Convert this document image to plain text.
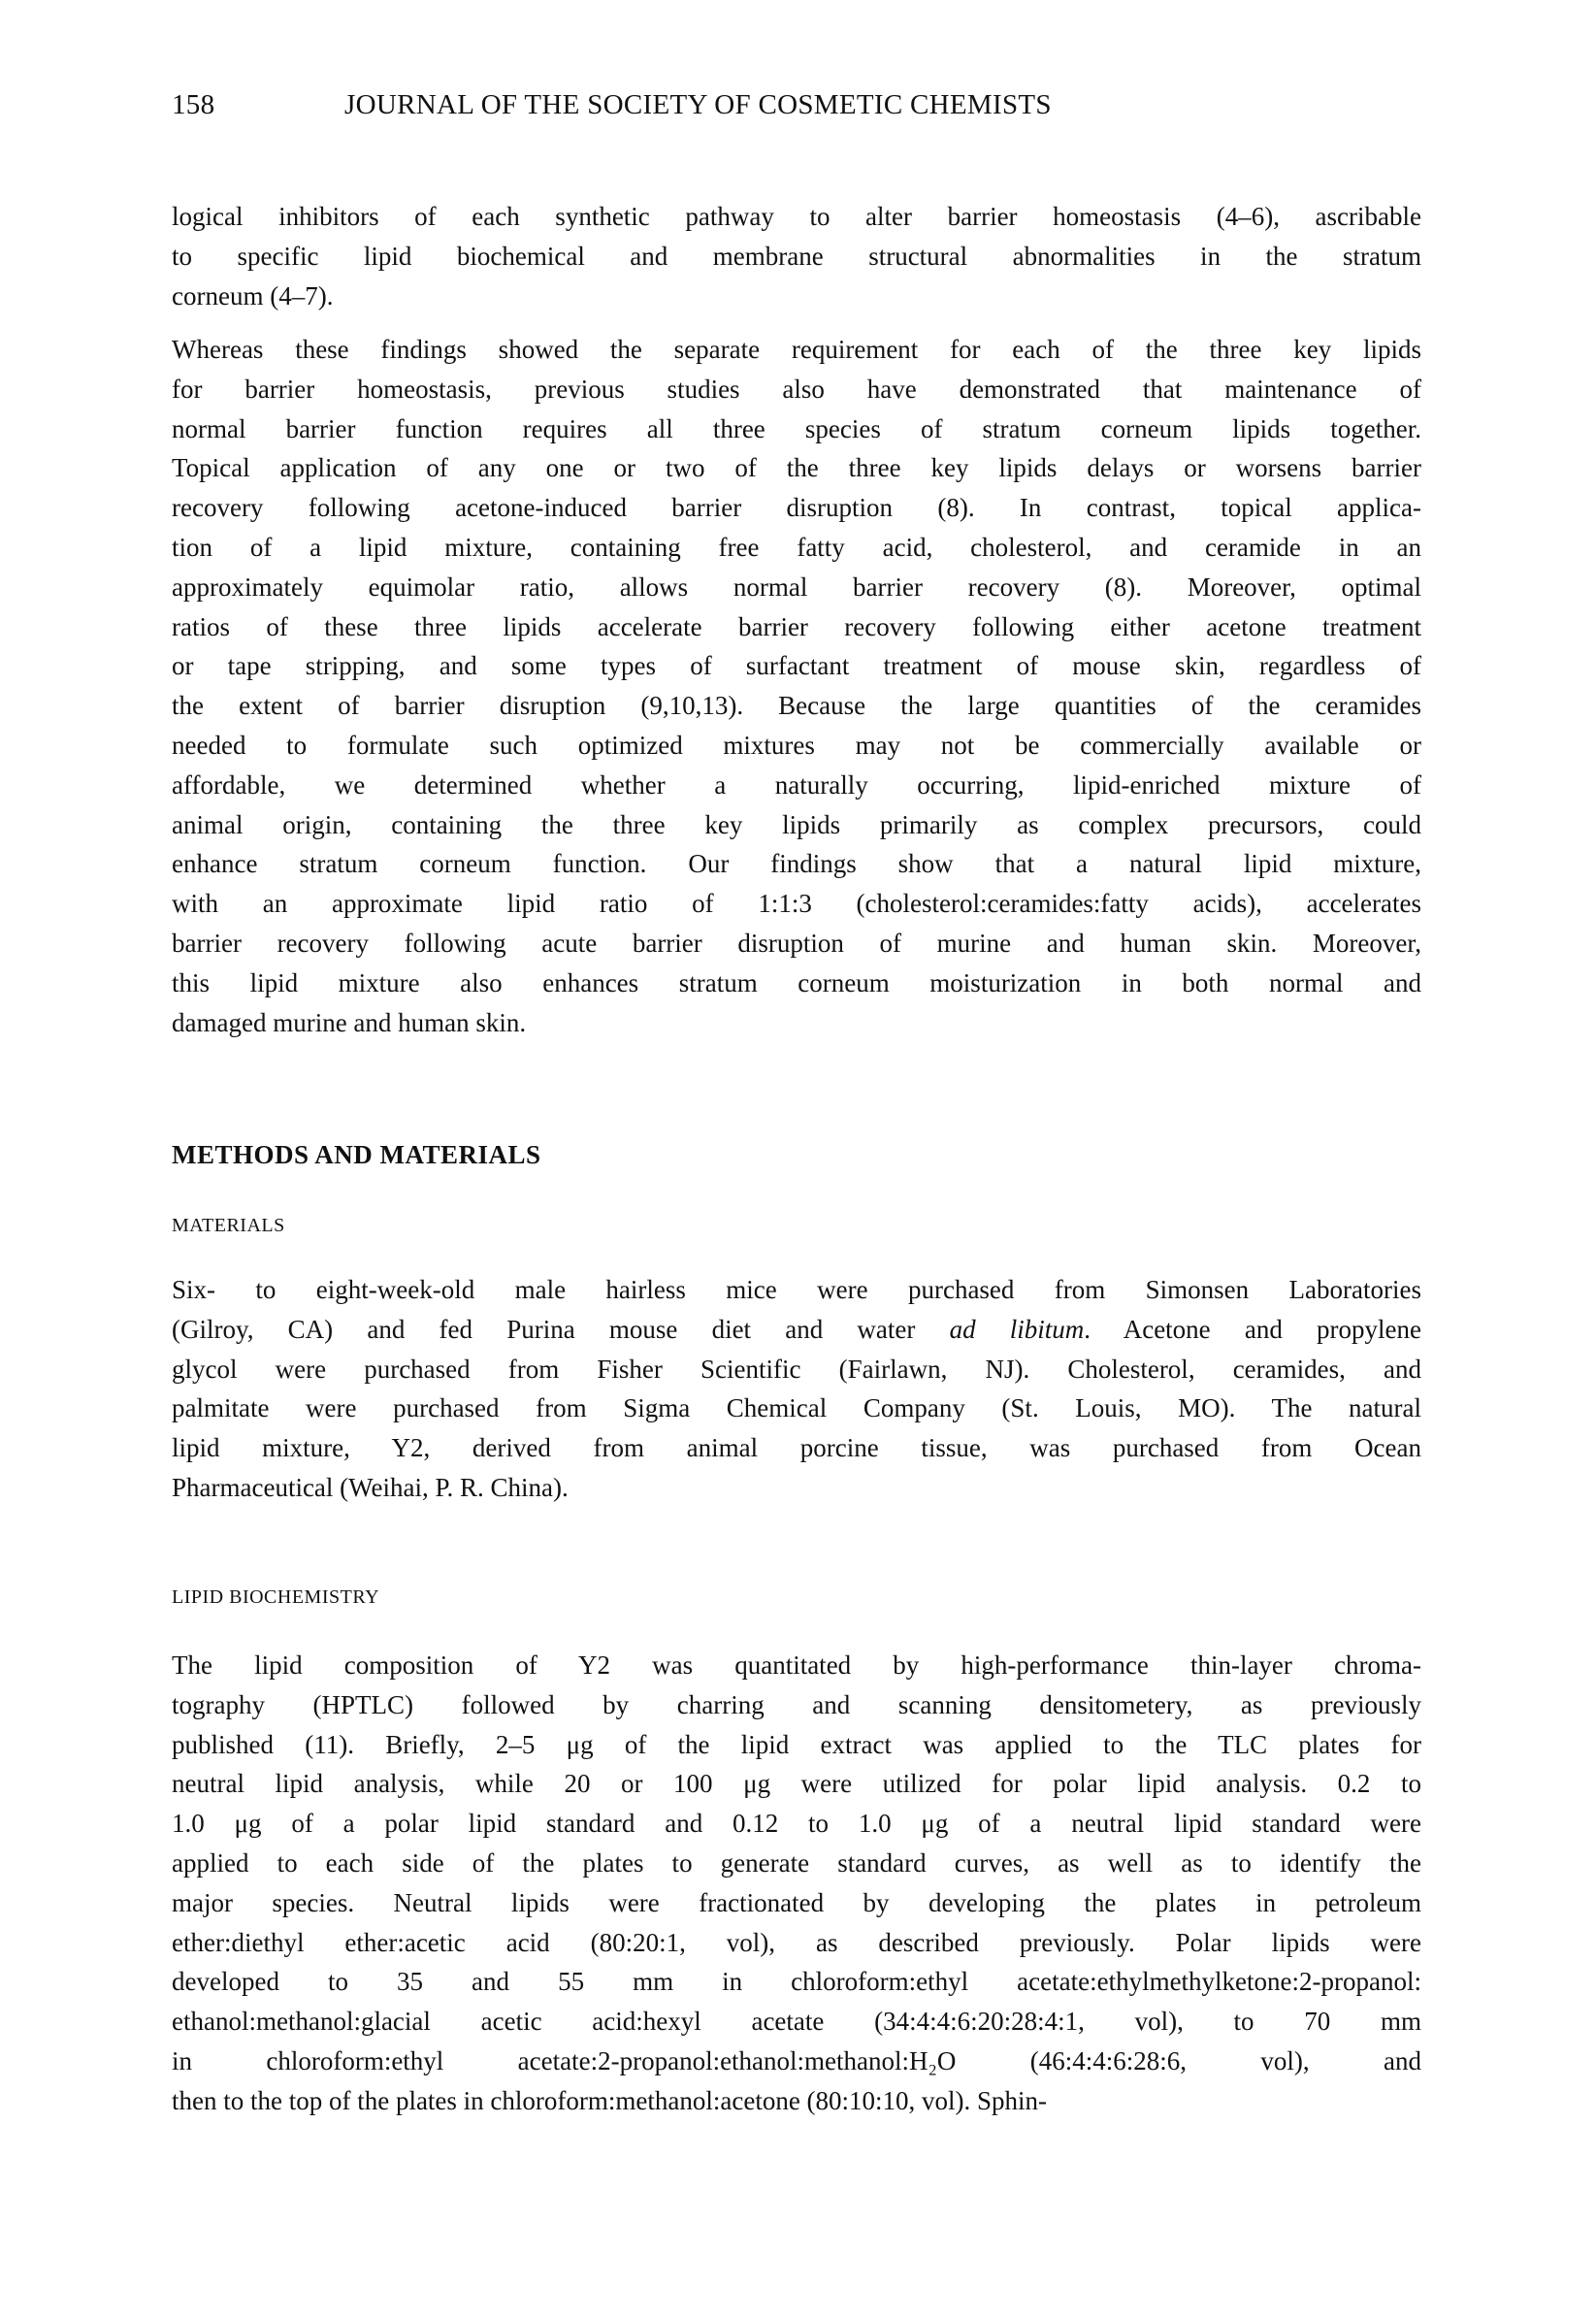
158	JOURNAL OF THE SOCIETY OF COSMETIC CHEMISTS
logical inhibitors of each synthetic pathway to alter barrier homeostasis (4–6), ascribable
to specific lipid biochemical and membrane structural abnormalities in the stratum
corneum (4–7).
Whereas these findings showed the separate requirement for each of the three key lipids
for barrier homeostasis, previous studies also have demonstrated that maintenance of
normal barrier function requires all three species of stratum corneum lipids together.
Topical application of any one or two of the three key lipids delays or worsens barrier
recovery following acetone-induced barrier disruption (8). In contrast, topical applica-
tion of a lipid mixture, containing free fatty acid, cholesterol, and ceramide in an
approximately equimolar ratio, allows normal barrier recovery (8). Moreover, optimal
ratios of these three lipids accelerate barrier recovery following either acetone treatment
or tape stripping, and some types of surfactant treatment of mouse skin, regardless of
the extent of barrier disruption (9,10,13). Because the large quantities of the ceramides
needed to formulate such optimized mixtures may not be commercially available or
affordable, we determined whether a naturally occurring, lipid-enriched mixture of
animal origin, containing the three key lipids primarily as complex precursors, could
enhance stratum corneum function. Our findings show that a natural lipid mixture,
with an approximate lipid ratio of 1:1:3 (cholesterol:ceramides:fatty acids), accelerates
barrier recovery following acute barrier disruption of murine and human skin. Moreover,
this lipid mixture also enhances stratum corneum moisturization in both normal and
damaged murine and human skin.
METHODS AND MATERIALS
MATERIALS
Six- to eight-week-old male hairless mice were purchased from Simonsen Laboratories
(Gilroy, CA) and fed Purina mouse diet and water ad libitum. Acetone and propylene
glycol were purchased from Fisher Scientific (Fairlawn, NJ). Cholesterol, ceramides, and
palmitate were purchased from Sigma Chemical Company (St. Louis, MO). The natural
lipid mixture, Y2, derived from animal porcine tissue, was purchased from Ocean
Pharmaceutical (Weihai, P. R. China).
LIPID BIOCHEMISTRY
The lipid composition of Y2 was quantitated by high-performance thin-layer chroma-
tography (HPTLC) followed by charring and scanning densitometery, as previously
published (11). Briefly, 2–5 μg of the lipid extract was applied to the TLC plates for
neutral lipid analysis, while 20 or 100 μg were utilized for polar lipid analysis. 0.2 to
1.0 μg of a polar lipid standard and 0.12 to 1.0 μg of a neutral lipid standard were
applied to each side of the plates to generate standard curves, as well as to identify the
major species. Neutral lipids were fractionated by developing the plates in petroleum
ether:diethyl ether:acetic acid (80:20:1, vol), as described previously. Polar lipids were
developed to 35 and 55 mm in chloroform:ethyl acetate:ethylmethylketone:2-propanol:
ethanol:methanol:glacial acetic acid:hexyl acetate (34:4:4:6:20:28:4:1, vol), to 70 mm
in chloroform:ethyl acetate:2-propanol:ethanol:methanol:H₂O (46:4:4:6:28:6, vol), and
then to the top of the plates in chloroform:methanol:acetone (80:10:10, vol). Sphin-
